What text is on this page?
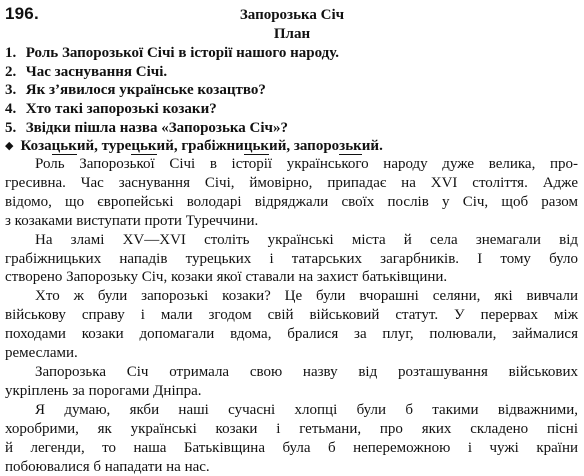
196.	Запорозька Січ
План
1. Роль Запорозької Січі в історії нашого народу.
2. Час заснування Січі.
3. Як з’явилося українське козацтво?
4. Хто такі запорозькі козаки?
5. Звідки пішла назва «Запорозька Січ»?
◆ Козацький, турецький, грабіжницький, запорозький.

Роль Запорозької Січі в історії українського народу дуже велика, про-
гресивна. Час заснування Січі, ймовірно, припадає на XVI століття. Адже
відомо, що європейські володарі відряджали своїх послів у Січ, щоб разом
з козаками виступати проти Туреччини.

На зламі XV—XVI століть українські міста й села знемагали від
грабіжницьких нападів турецьких і татарських загарбників. І тому було
створено Запорозьку Січ, козаки якої ставали на захист батьківщини.

Хто ж були запорозькі козаки? Це були вчорашні селяни, які вивчали
військову справу і мали згодом свій військовий статут. У перервах між
походами козаки допомагали вдома, бралися за плуг, полювали, займалися
ремеслами.

Запорозька Січ отримала свою назву від розташування військових
укріплень за порогами Дніпра.

Я думаю, якби наші сучасні хлопці були б такими відважними,
хоробрими, як українські козаки і гетьмани, про яких складено пісні
й легенди, то наша Батьківщина була б непереможною і чужі країни
побоювалися б нападати на нас.
